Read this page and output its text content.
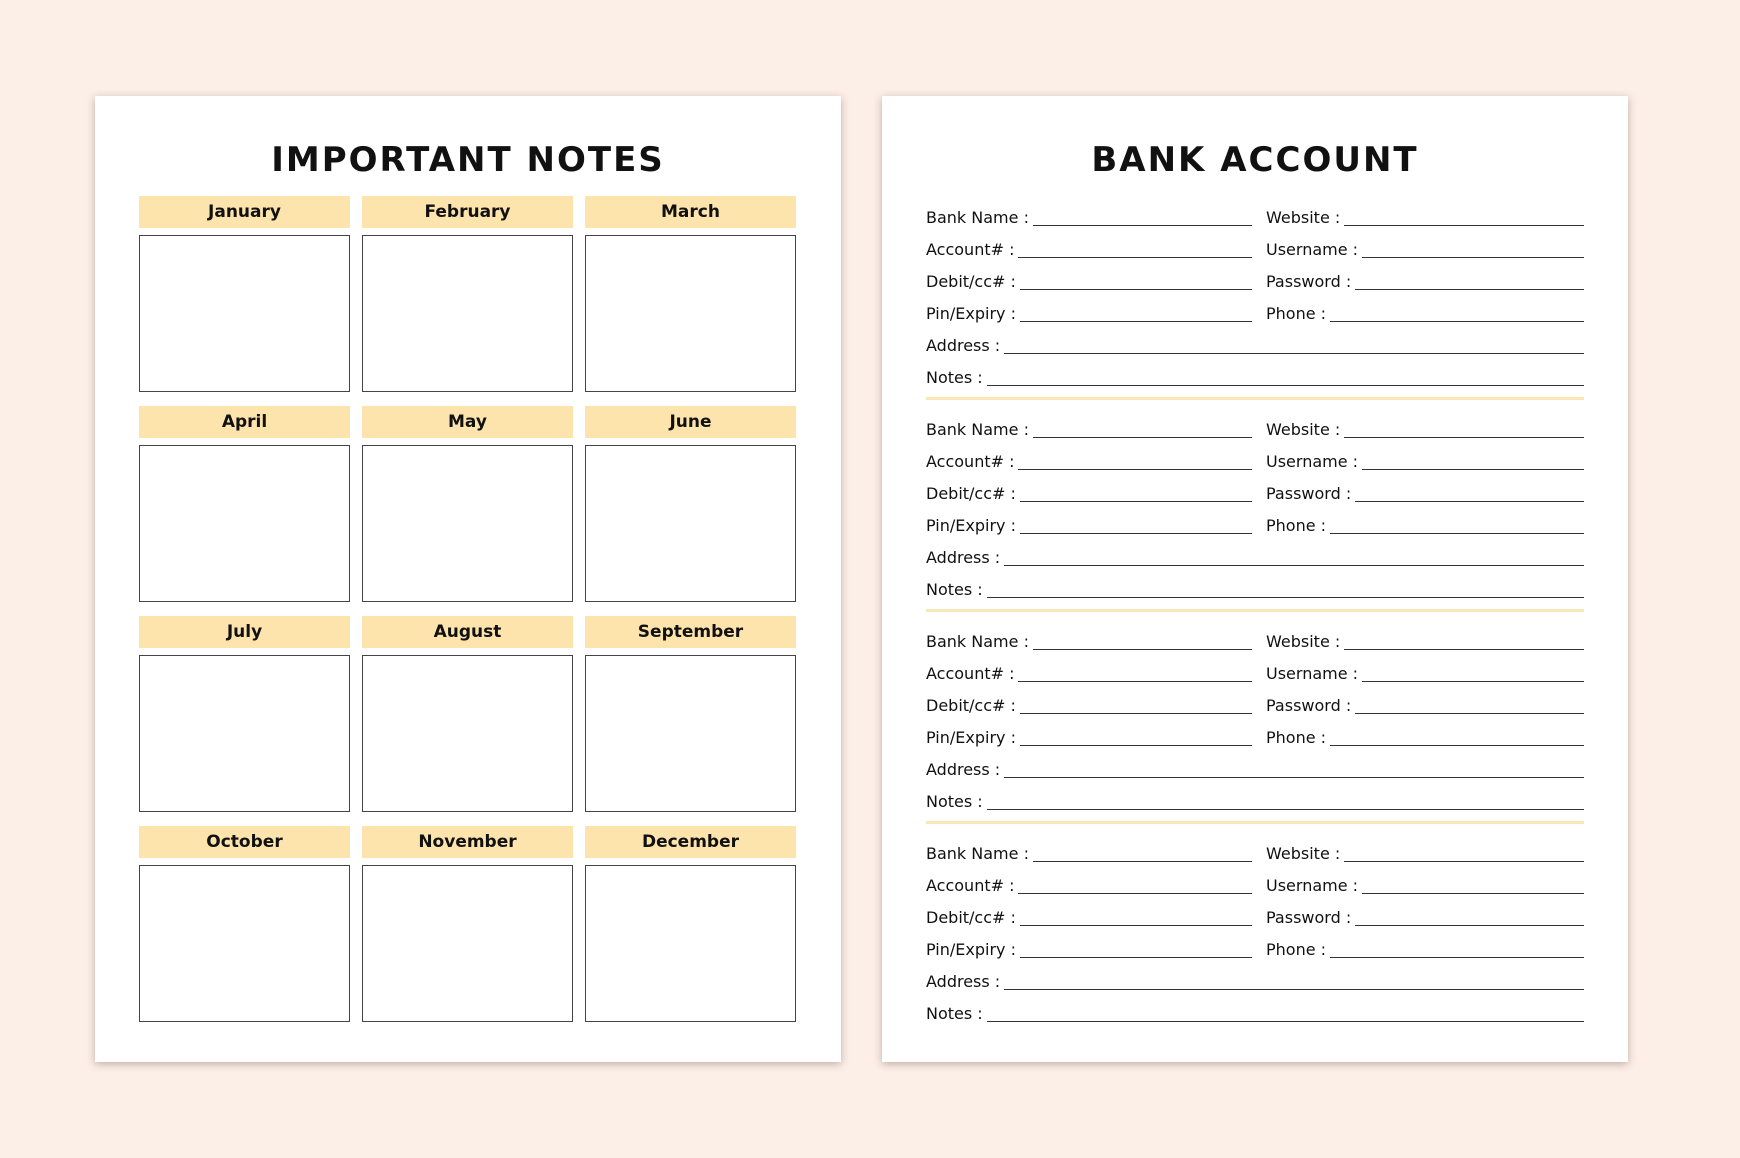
IMPORTANT NOTES
January	February	March
April	May	June
July	August	September
October	November	December
BANK ACCOUNT
Bank Name :	Website :
Account# :	Username :
Debit/cc# :	Password :
Pin/Expiry :	Phone :
Address :
Notes :
Bank Name :	Website :
Account# :	Username :
Debit/cc# :	Password :
Pin/Expiry :	Phone :
Address :
Notes :
Bank Name :	Website :
Account# :	Username :
Debit/cc# :	Password :
Pin/Expiry :	Phone :
Address :
Notes :
Bank Name :	Website :
Account# :	Username :
Debit/cc# :	Password :
Pin/Expiry :	Phone :
Address :
Notes :
